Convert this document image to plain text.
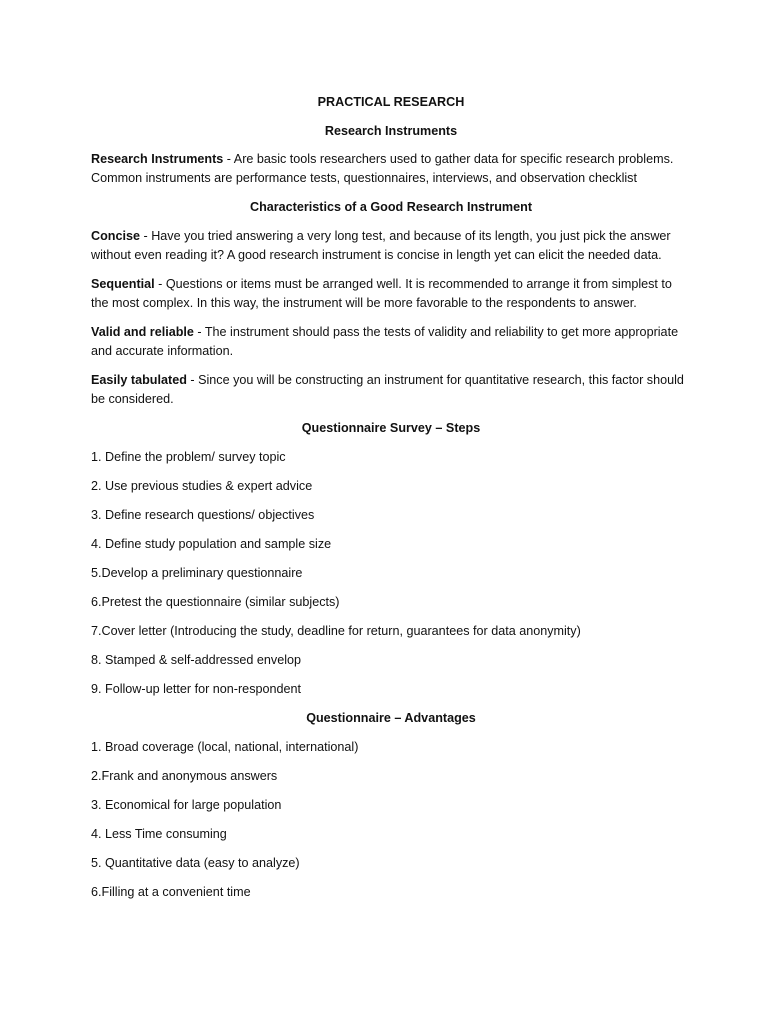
PRACTICAL RESEARCH
Research Instruments
Research Instruments - Are basic tools researchers used to gather data for specific research problems. Common instruments are performance tests, questionnaires, interviews, and observation checklist
Characteristics of a Good Research Instrument
Concise - Have you tried answering a very long test, and because of its length, you just pick the answer without even reading it? A good research instrument is concise in length yet can elicit the needed data.
Sequential - Questions or items must be arranged well. It is recommended to arrange it from simplest to the most complex. In this way, the instrument will be more favorable to the respondents to answer.
Valid and reliable - The instrument should pass the tests of validity and reliability to get more appropriate and accurate information.
Easily tabulated - Since you will be constructing an instrument for quantitative research, this factor should be considered.
Questionnaire Survey – Steps
1. Define the problem/ survey topic
2. Use previous studies & expert advice
3. Define research questions/ objectives
4. Define study population and sample size
5.Develop a preliminary questionnaire
6.Pretest the questionnaire (similar subjects)
7.Cover letter (Introducing the study, deadline for return, guarantees for data anonymity)
8. Stamped & self-addressed envelop
9. Follow-up letter for non-respondent
Questionnaire – Advantages
1. Broad coverage (local, national, international)
2.Frank and anonymous answers
3. Economical for large population
4. Less Time consuming
5. Quantitative data (easy to analyze)
6.Filling at a convenient time
